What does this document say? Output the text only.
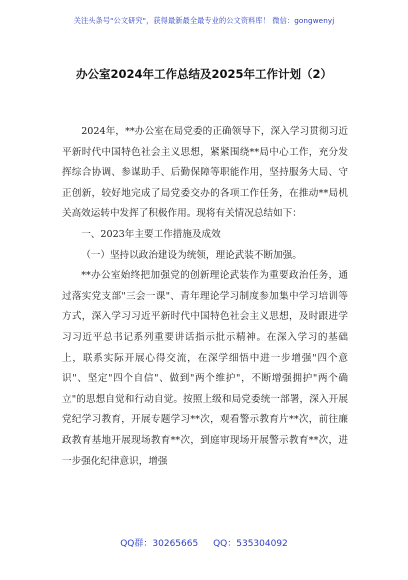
关注头条号"公文研究"，获得最新最全最专业的公文资料库！ 微信：gongwenyj
办公室2024年工作总结及2025年工作计划（2）

2024年，**办公室在局党委的正确领导下，深入学习贯彻习近平新时代中国特色社会主义思想，紧紧围绕**局中心工作，充分发挥综合协调、参谋助手、后勤保障等职能作用，坚持服务大局、守正创新，较好地完成了局党委交办的各项工作任务，在推动**局机关高效运转中发挥了积极作用。现将有关情况总结如下：

一、2023年主要工作措施及成效

（一）坚持以政治建设为统领，理论武装不断加强。

**办公室始终把加强党的创新理论武装作为重要政治任务，通过落实党支部"三会一课"、青年理论学习制度参加集中学习培训等方式，深入学习习近平新时代中国特色社会主义思想，及时跟进学习习近平总书记系列重要讲话指示批示精神。在深入学习的基础上，联系实际开展心得交流，在深学细悟中进一步增强"四个意识"、坚定"四个自信"、做到"两个维护"，不断增强拥护"两个确立"的思想自觉和行动自觉。按照上级和局党委统一部署，深入开展党纪学习教育，开展专题学习**次，观看警示教育片**次，前往廉政教育基地开展现场教育**次，到庭审现场开展警示教育**次，进一步强化纪律意识，增强

QQ群：30265665 QQ：535304092
